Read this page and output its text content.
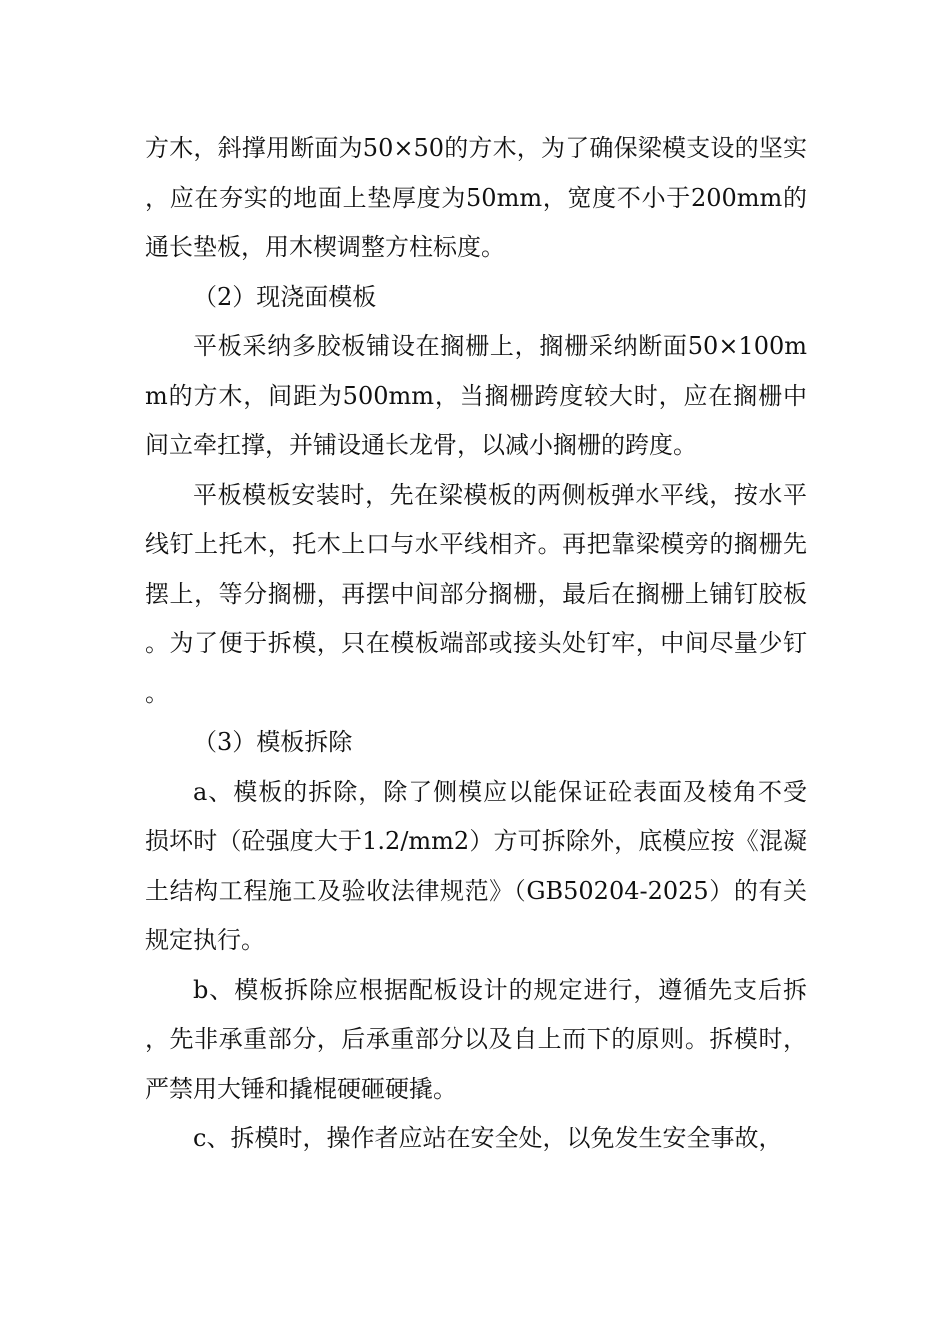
方木，斜撑用断面为50×50的方木，为了确保梁模支设的坚实，应在夯实的地面上垫厚度为50mm，宽度不小于200mm的通长垫板，用木楔调整方柱标度。

（2）现浇面模板

平板采纳多胶板铺设在搁栅上，搁栅采纳断面50×100mm的方木，间距为500mm，当搁栅跨度较大时，应在搁栅中间立牵扛撑，并铺设通长龙骨，以减小搁栅的跨度。

平板模板安装时，先在梁模板的两侧板弹水平线，按水平线钉上托木，托木上口与水平线相齐。再把靠梁模旁的搁栅先摆上，等分搁栅，再摆中间部分搁栅，最后在搁栅上铺钉胶板。为了便于拆模，只在模板端部或接头处钉牢，中间尽量少钉。

（3）模板拆除

a、模板的拆除，除了侧模应以能保证砼表面及棱角不受损坏时（砼强度大于1.2/mm2）方可拆除外，底模应按《混凝土结构工程施工及验收法律规范》（GB50204-2025）的有关规定执行。

b、模板拆除应根据配板设计的规定进行，遵循先支后拆，先非承重部分，后承重部分以及自上而下的原则。拆模时，严禁用大锤和撬棍硬砸硬撬。

c、拆模时，操作者应站在安全处，以免发生安全事故，
